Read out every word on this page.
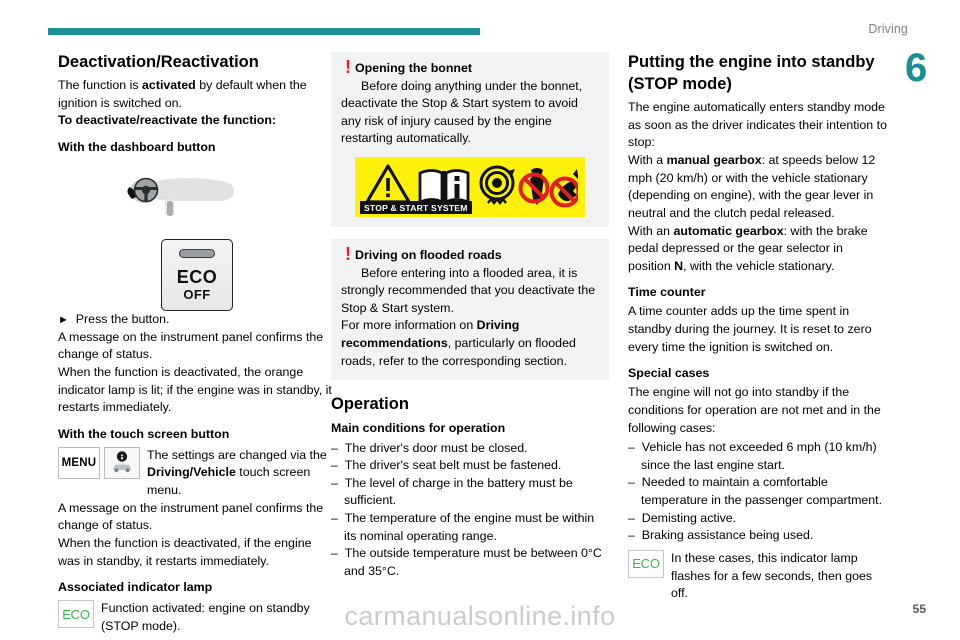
Driving
6
Deactivation/Reactivation

The function is activated by default when the ignition is switched on.

To deactivate/reactivate the function:

With the dashboard button
ECO
OFF

► Press the button.

A message on the instrument panel confirms the change of status.

When the function is deactivated, the orange indicator lamp is lit; if the engine was in standby, it restarts immediately.

With the touch screen button
MENU
The settings are changed via the Driving/Vehicle touch screen menu.

A message on the instrument panel confirms the change of status.

When the function is deactivated, if the engine was in standby, it restarts immediately.

Associated indicator lamp
ECO Function activated: engine on standby (STOP mode).
! Opening the bonnet
Before doing anything under the bonnet, deactivate the Stop & Start system to avoid any risk of injury caused by the engine restarting automatically.
STOP & START SYSTEM
! Driving on flooded roads
Before entering into a flooded area, it is strongly recommended that you deactivate the Stop & Start system.
For more information on Driving recommendations, particularly on flooded roads, refer to the corresponding section.
Operation
Main conditions for operation
–  The driver's door must be closed.
–  The driver's seat belt must be fastened.
–  The level of charge in the battery must be sufficient.
–  The temperature of the engine must be within its nominal operating range.
–  The outside temperature must be between 0°C and 35°C.
Putting the engine into standby
(STOP mode)

The engine automatically enters standby mode as soon as the driver indicates their intention to stop:

With a manual gearbox: at speeds below 12 mph (20 km/h) or with the vehicle stationary (depending on engine), with the gear lever in neutral and the clutch pedal released.

With an automatic gearbox: with the brake pedal depressed or the gear selector in position N, with the vehicle stationary.

Time counter

A time counter adds up the time spent in standby during the journey. It is reset to zero every time the ignition is switched on.

Special cases

The engine will not go into standby if the conditions for operation are not met and in the following cases:

–  Vehicle has not exceeded 6 mph (10 km/h) since the last engine start.
–  Needed to maintain a comfortable temperature in the passenger compartment.
–  Demisting active.
–  Braking assistance being used.
ECO In these cases, this indicator lamp flashes for a few seconds, then goes off.
carmanualsonline.info	55
